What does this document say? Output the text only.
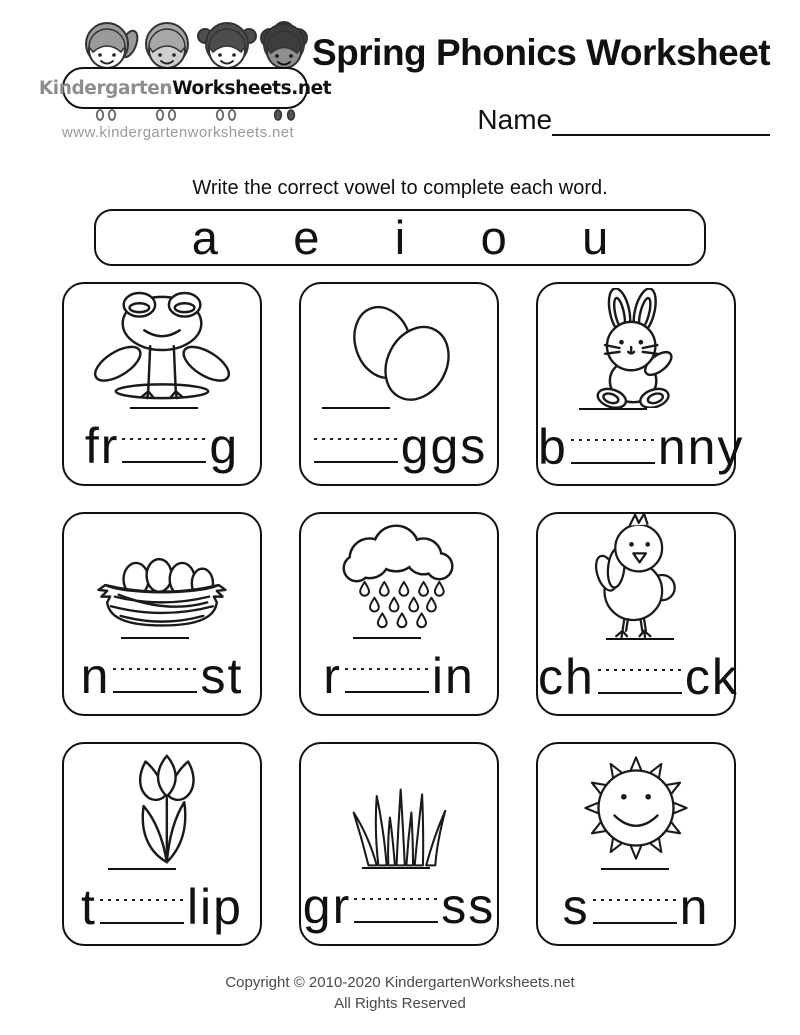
Kindergarten Worksheets.net
www.kindergartenworksheets.net
Spring Phonics Worksheet
Name
Write the correct vowel to complete each word.
a e i o u
fr g	ggs b nny
n st	r in	ch ck
t lip	gr ss	s n
Copyright © 2010-2020 KindergartenWorksheets.net
All Rights Reserved
